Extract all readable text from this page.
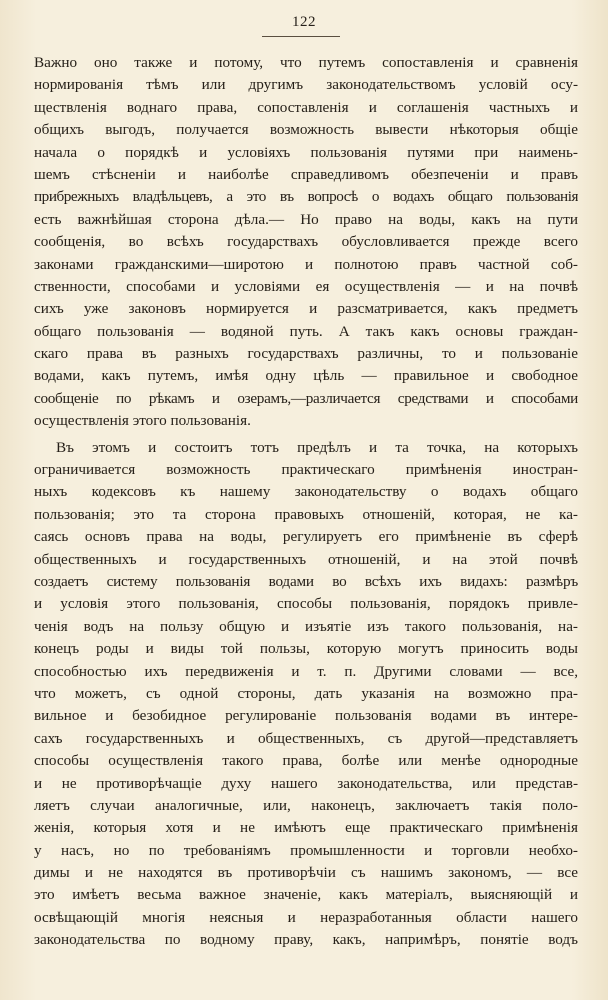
122
Важно оно также и потому, что путемъ сопоставленія и сравненія
нормированія тѣмъ или другимъ законодательствомъ условій осу-
ществленія воднаго права, сопоставленія и соглашенія частныхъ и
общихъ выгодъ, получается возможность вывести нѣкоторыя общіе
начала о порядкѣ и условіяхъ пользованія путями при наимень-
шемъ стѣсненіи и наиболѣе справедливомъ обезпеченіи и правъ
прибрежныхъ владѣльцевъ, а это въ вопросѣ о водахъ общаго пользованія
есть важнѣйшая сторона дѣла.— Но право на воды, какъ на пути
сообщенія, во всѣхъ государствахъ обусловливается прежде всего
законами гражданскими—широтою и полнотою правъ частной соб-
ственности, способами и условіями ея осуществленія — и на почвѣ
сихъ уже законовъ нормируется и разсматривается, какъ предметъ
общаго пользованія — водяной путь. А такъ какъ основы граждан-
скаго права въ разныхъ государствахъ различны, то и пользованіе
водами, какъ путемъ, имѣя одну цѣль — правильное и свободное
сообщеніе по рѣкамъ и озерамъ,—различается средствами и способами
осуществленія этого пользованія.
Въ этомъ и состоитъ тотъ предѣлъ и та точка, на которыхъ
ограничивается возможность практическаго примѣненія иностран-
ныхъ кодексовъ къ нашему законодательству о водахъ общаго
пользованія; это та сторона правовыхъ отношеній, которая, не ка-
саясь основъ права на воды, регулируетъ его примѣненіе въ сферѣ
общественныхъ и государственныхъ отношеній, и на этой почвѣ
создаетъ систему пользованія водами во всѣхъ ихъ видахъ: размѣръ
и условія этого пользованія, способы пользованія, порядокъ привле-
ченія водъ на пользу общую и изъятіе изъ такого пользованія, на-
конецъ роды и виды той пользы, которую могутъ приносить воды
способностью ихъ передвиженія и т. п. Другими словами — все,
что можетъ, съ одной стороны, дать указанія на возможно пра-
вильное и безобидное регулированіе пользованія водами въ интере-
сахъ государственныхъ и общественныхъ, съ другой—представляетъ
способы осуществленія такого права, болѣе или менѣе однородные
и не противорѣчащіе духу нашего законодательства, или представ-
ляетъ случаи аналогичные, или, наконецъ, заключаетъ такія поло-
женія, которыя хотя и не имѣютъ еще практическаго примѣненія
у насъ, но по требованіямъ промышленности и торговли необхо-
димы и не находятся въ противорѣчіи съ нашимъ закономъ, — все
это имѣетъ весьма важное значеніе, какъ матеріалъ, выясняющій и
освѣщающій многія неясныя и неразработанныя области нашего
законодательства по водному праву, какъ, напримѣръ, понятіе водъ
